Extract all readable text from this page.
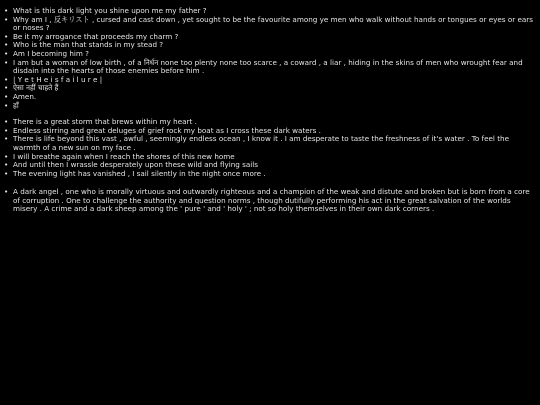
• What is this dark light you shine upon me my father ?
• Why am I , 反キリスト , cursed and cast down , yet sought to be the favourite among ye men who walk without hands or tongues or eyes or ears or noses ?
• Be it my arrogance that proceeds my charm ?
• Who is the man that stands in my stead ?
• Am I becoming him ?
• I am but a woman of low birth , of a निर्धन none too plenty none too scarce , a coward , a liar , hiding in the skins of men who wrought fear and disdain into the hearts of those enemies before him .
• | Y e t H e i s f a i l u r e |
• ऐसा नहीं चाहते हैं
• Amen.
• हाँ
• There is a great storm that brews within my heart .
• Endless stirring and great deluges of grief rock my boat as I cross these dark waters .
• There is life beyond this vast , awful , seemingly endless ocean , I know it . I am desperate to taste the freshness of it's water . To feel the warmth of a new sun on my face .
• I will breathe again when I reach the shores of this new home
• And until then I wrassle desperately upon these wild and flying sails
• The evening light has vanished , I sail silently in the night once more .
• A dark angel , one who is morally virtuous and outwardly righteous and a champion of the weak and distute and broken but is born from a core of corruption . One to challenge the authority and question norms , though dutifully performing his act in the great salvation of the worlds misery . A crime and a dark sheep among the ' pure ' and ' holy ' ; not so holy themselves in their own dark corners .
